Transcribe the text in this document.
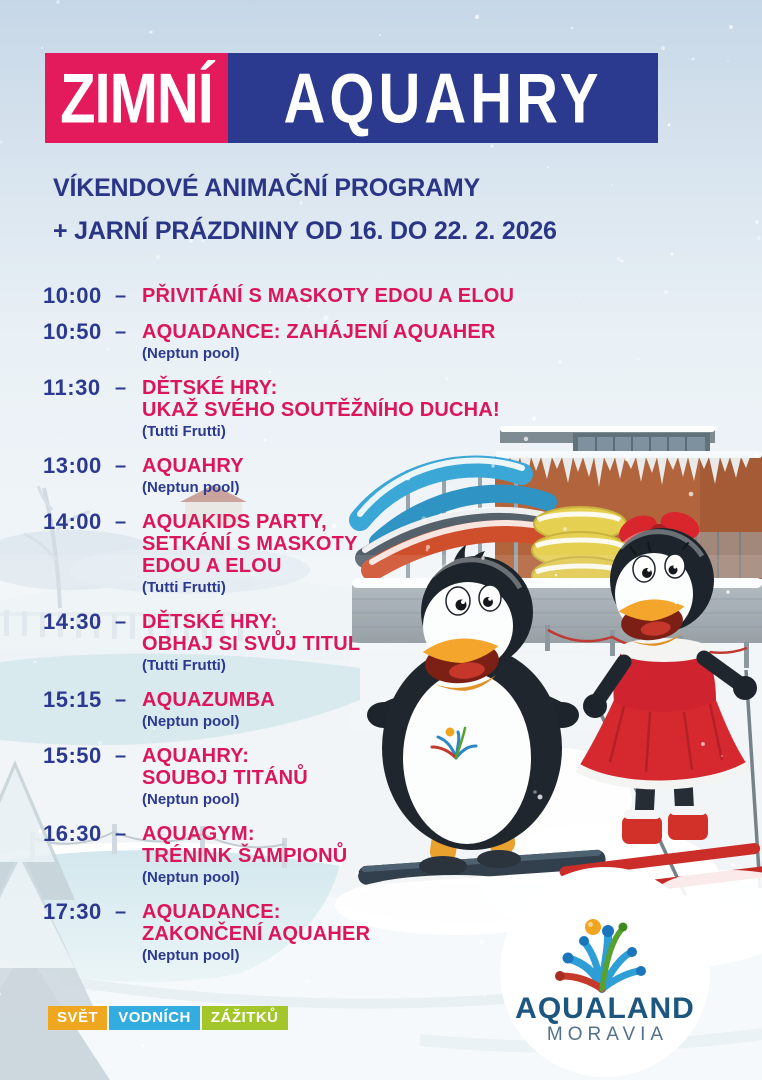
ZIMNÍ AQUAHRY
VÍKENDOVÉ ANIMAČNÍ PROGRAMY
+ JARNÍ PRÁZDNINY OD 16. DO 22. 2. 2026
10:00 – PŘIVITÁNÍ S MASKOTY EDOU A ELOU
10:50 – AQUADANCE: ZAHÁJENÍ AQUAHER
(Neptun pool)
11:30 – DĚTSKÉ HRY:
UKAŽ SVÉHO SOUTĚŽNÍHO DUCHA!
(Tutti Frutti)
13:00 – AQUAHRY
(Neptun pool)
14:00 – AQUAKIDS PARTY,
SETKÁNÍ S MASKOTY
EDOU A ELOU
(Tutti Frutti)
14:30 – DĚTSKÉ HRY:
OBHAJ SI SVŮJ TITUL
(Tutti Frutti)
15:15 – AQUAZUMBA
(Neptun pool)
15:50 – AQUAHRY:
SOUBOJ TITÁNŮ
(Neptun pool)
16:30 – AQUAGYM:
TRÉNINK ŠAMPIONŮ
(Neptun pool)
17:30 – AQUADANCE:
ZAKONČENÍ AQUAHER
(Neptun pool)
SVĚT	VODNÍCH	ZÁŽITKŮ	AQUALAND
MORAVIA
